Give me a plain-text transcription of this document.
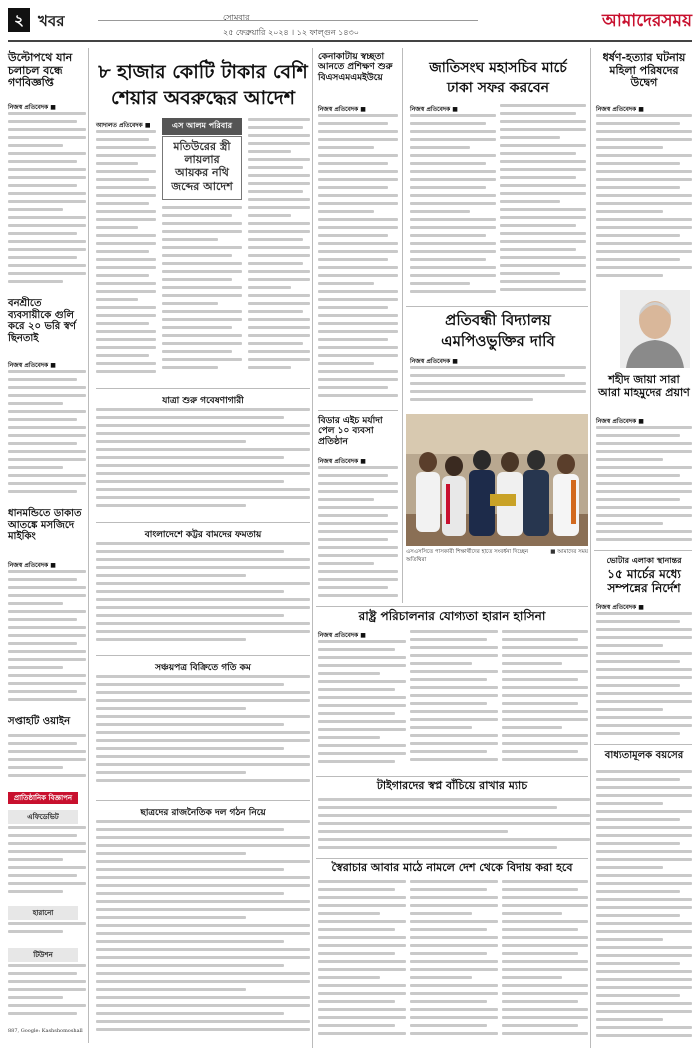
২ খবর	সোমবার
২৫ ফেব্রুয়ারি ২০২৪ । ১২ ফাল্গুন ১৪৩০
আমাদেরসময়
উল্টোপথে যান চলাচল বন্ধে গণবিজ্ঞপ্তি
নিজস্ব প্রতিবেদক ■
বনশ্রীতে ব্যবসায়ীকে গুলি করে ২০ ভরি স্বর্ণ ছিনতাই
নিজস্ব প্রতিবেদক ■
ধানমন্ডিতে ডাকাত আতঙ্কে মসজিদে মাইকিং
নিজস্ব প্রতিবেদক ■
সপ্তাহটি ওয়াইন
প্রাতিষ্ঠানিক বিজ্ঞাপন
এফিডেভিট
হারানো
টিউশন
887, Google: Kashshomoshall
৮ হাজার কোটি টাকার বেশি
শেয়ার অবরুদ্ধের আদেশ
আদালত প্রতিবেদক ■	এস আলম পরিবার
মতিউরের স্ত্রী লায়লার আয়কর নথি জব্দের আদেশ
যাত্রা শুরু গবেষণাগারী
বাংলাদেশে কট্টর বামদের ফমতায়
সঞ্চয়পত্র বিক্রিতে গতি কম
ছাত্রদের রাজনৈতিক দল গঠন নিয়ে
কেনাকাটায় স্বচ্ছতা আনতে প্রশিক্ষণ শুরু বিএসএমএমইউয়ে
নিজস্ব প্রতিবেদক ■
জাতিসংঘ মহাসচিব মার্চে
ঢাকা সফর করবেন
নিজস্ব প্রতিবেদক ■
প্রতিবন্ধী বিদ্যালয়
এমপিওভুক্তির দাবি
নিজস্ব প্রতিবেদক ■
এসএসসিতে পাসকারী শিক্ষার্থীদের হাতে সংবর্ধনা দিচ্ছেন অতিথিরা
■ আমাদের সময়
ধর্ষণ-হত্যার ঘটনায় মহিলা পরিষদের উদ্বেগ
নিজস্ব প্রতিবেদক ■
শহীদ জায়া সারা আরা মাহমুদের প্রয়াণ
নিজস্ব প্রতিবেদক ■
ভোটার এলাকা স্থানান্তর
১৫ মার্চের মধ্যে সম্পন্নের নির্দেশ
নিজস্ব প্রতিবেদক ■
বাধ্যতামূলক বয়সের
বিডার এইচ মর্যাদা পেল ১০ ব্যবসা প্রতিষ্ঠান
নিজস্ব প্রতিবেদক ■
রাষ্ট্র পরিচালনার যোগ্যতা হারান হাসিনা
নিজস্ব প্রতিবেদক ■
টাইগারদের স্বপ্ন বাঁচিয়ে রাখার ম্যাচ
স্বৈরাচার আবার মাঠে নামলে দেশ থেকে বিদায় করা হবে
